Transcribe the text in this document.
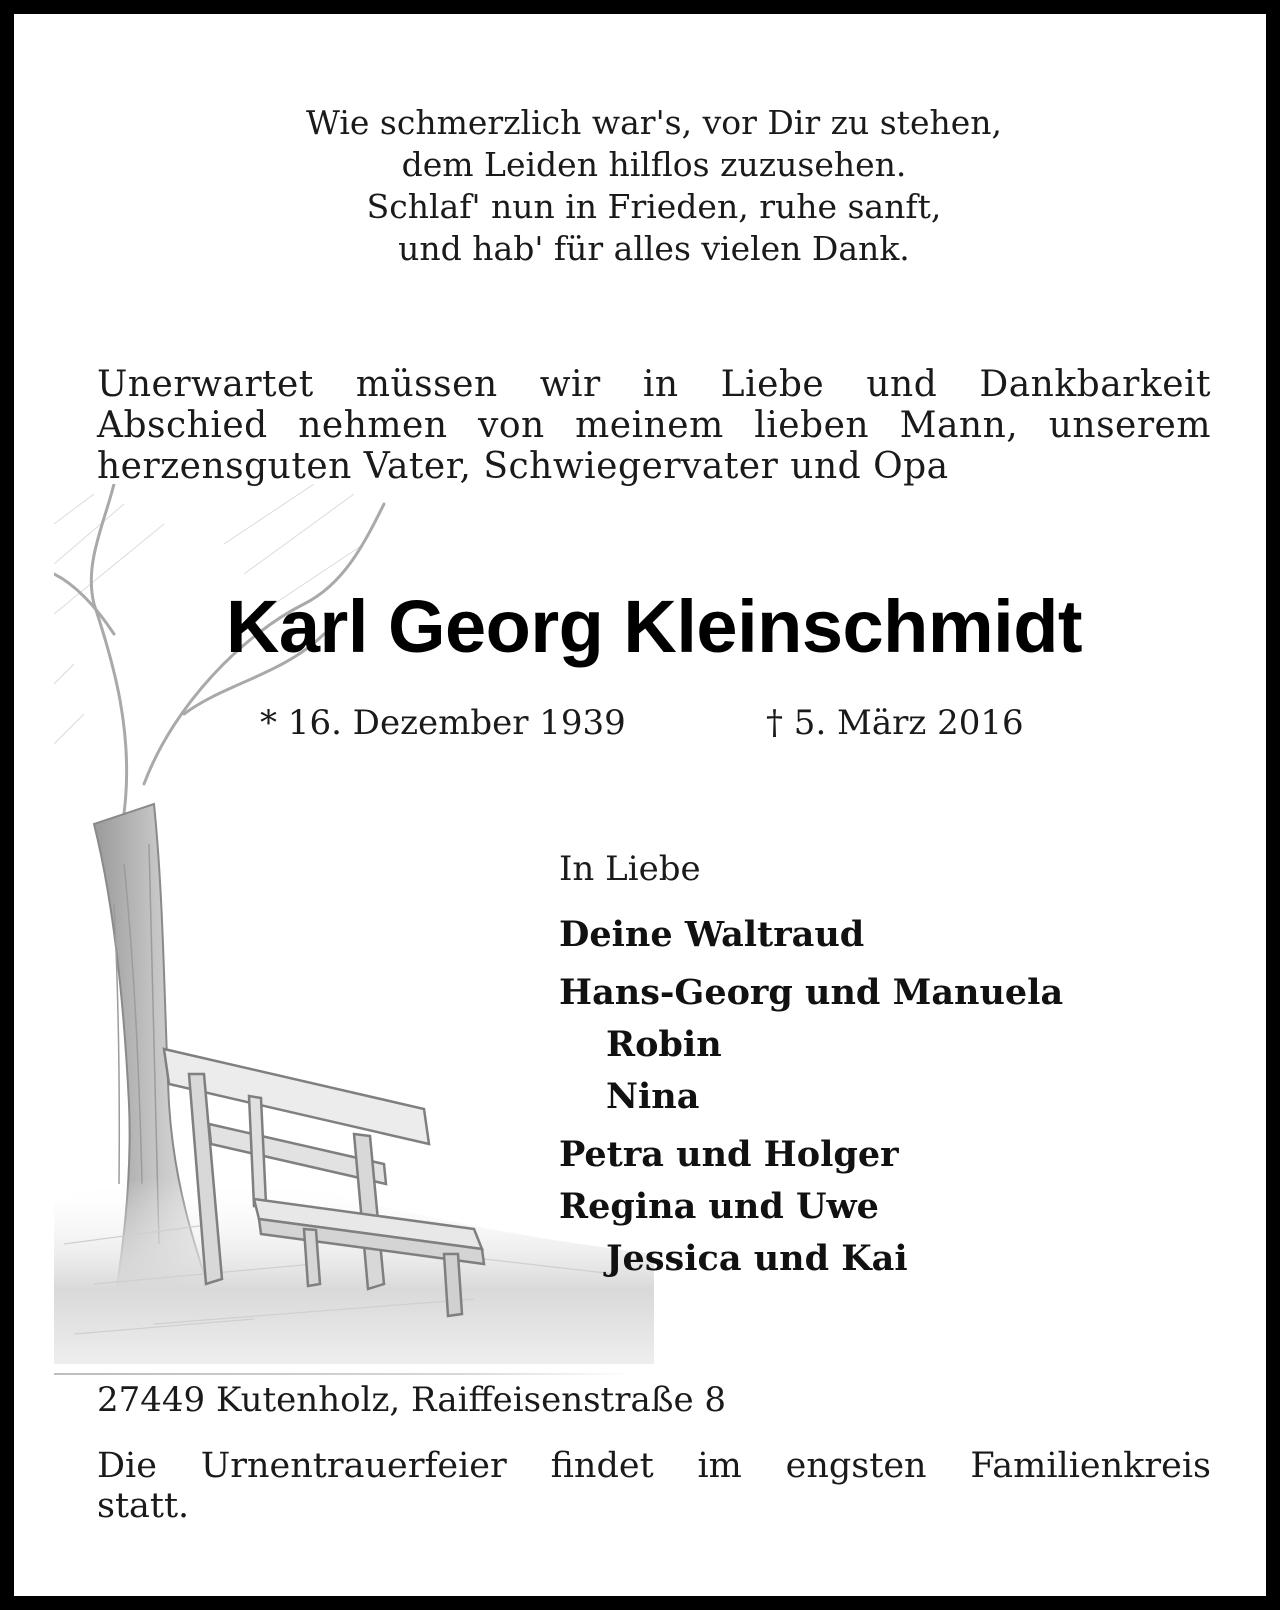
Wie schmerzlich war's, vor Dir zu stehen,
dem Leiden hilflos zuzusehen.
Schlaf' nun in Frieden, ruhe sanft,
und hab' für alles vielen Dank.
Unerwartet müssen wir in Liebe und Dankbarkeit
Abschied nehmen von meinem lieben Mann, unserem
herzensguten Vater, Schwiegervater und Opa
Karl Georg Kleinschmidt
* 16. Dezember 1939	† 5. März 2016
In Liebe
Deine Waltraud
Hans-Georg und Manuela
Robin
Nina
Petra und Holger
Regina und Uwe
Jessica und Kai
27449 Kutenholz, Raiffeisenstraße 8
Die Urnentrauerfeier findet im engsten Familienkreis
statt.
